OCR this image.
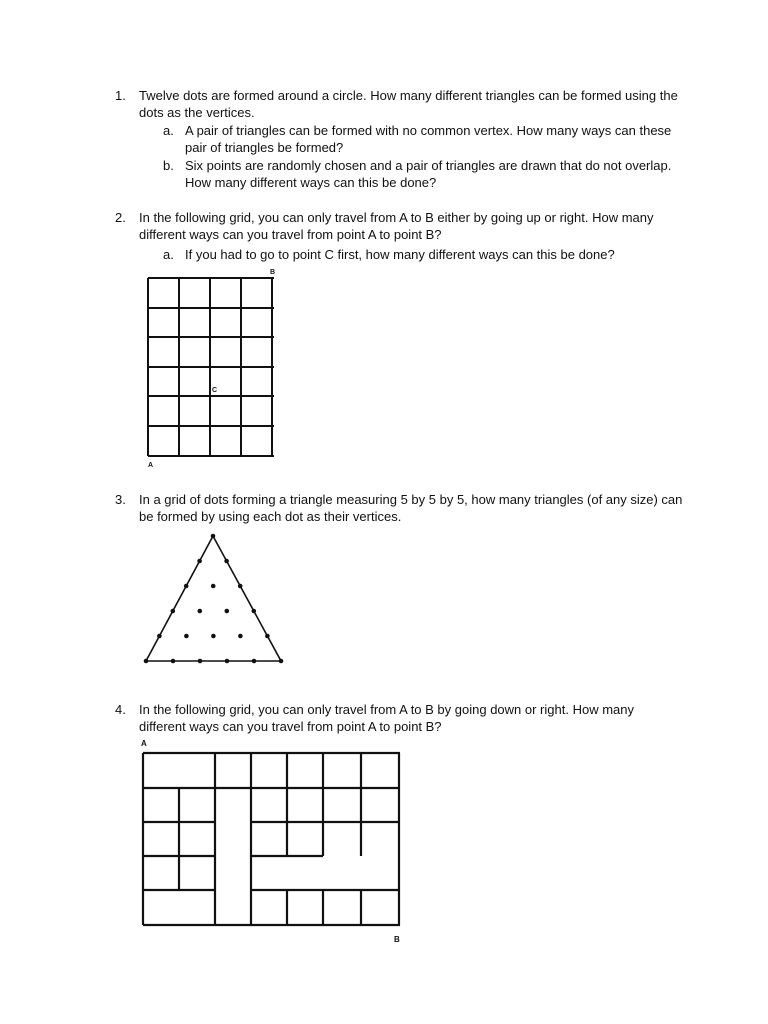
1. Twelve dots are formed around a circle. How many different triangles can be formed using the dots as the vertices.
a. A pair of triangles can be formed with no common vertex. How many ways can these pair of triangles be formed?
b. Six points are randomly chosen and a pair of triangles are drawn that do not overlap. How many different ways can this be done?
2. In the following grid, you can only travel from A to B either by going up or right. How many different ways can you travel from point A to point B?
a. If you had to go to point C first, how many different ways can this be done?
3. In a grid of dots forming a triangle measuring 5 by 5 by 5, how many triangles (of any size) can be formed by using each dot as their vertices.
4. In the following grid, you can only travel from A to B by going down or right. How many different ways can you travel from point A to point B?
B
C
A
A
B
